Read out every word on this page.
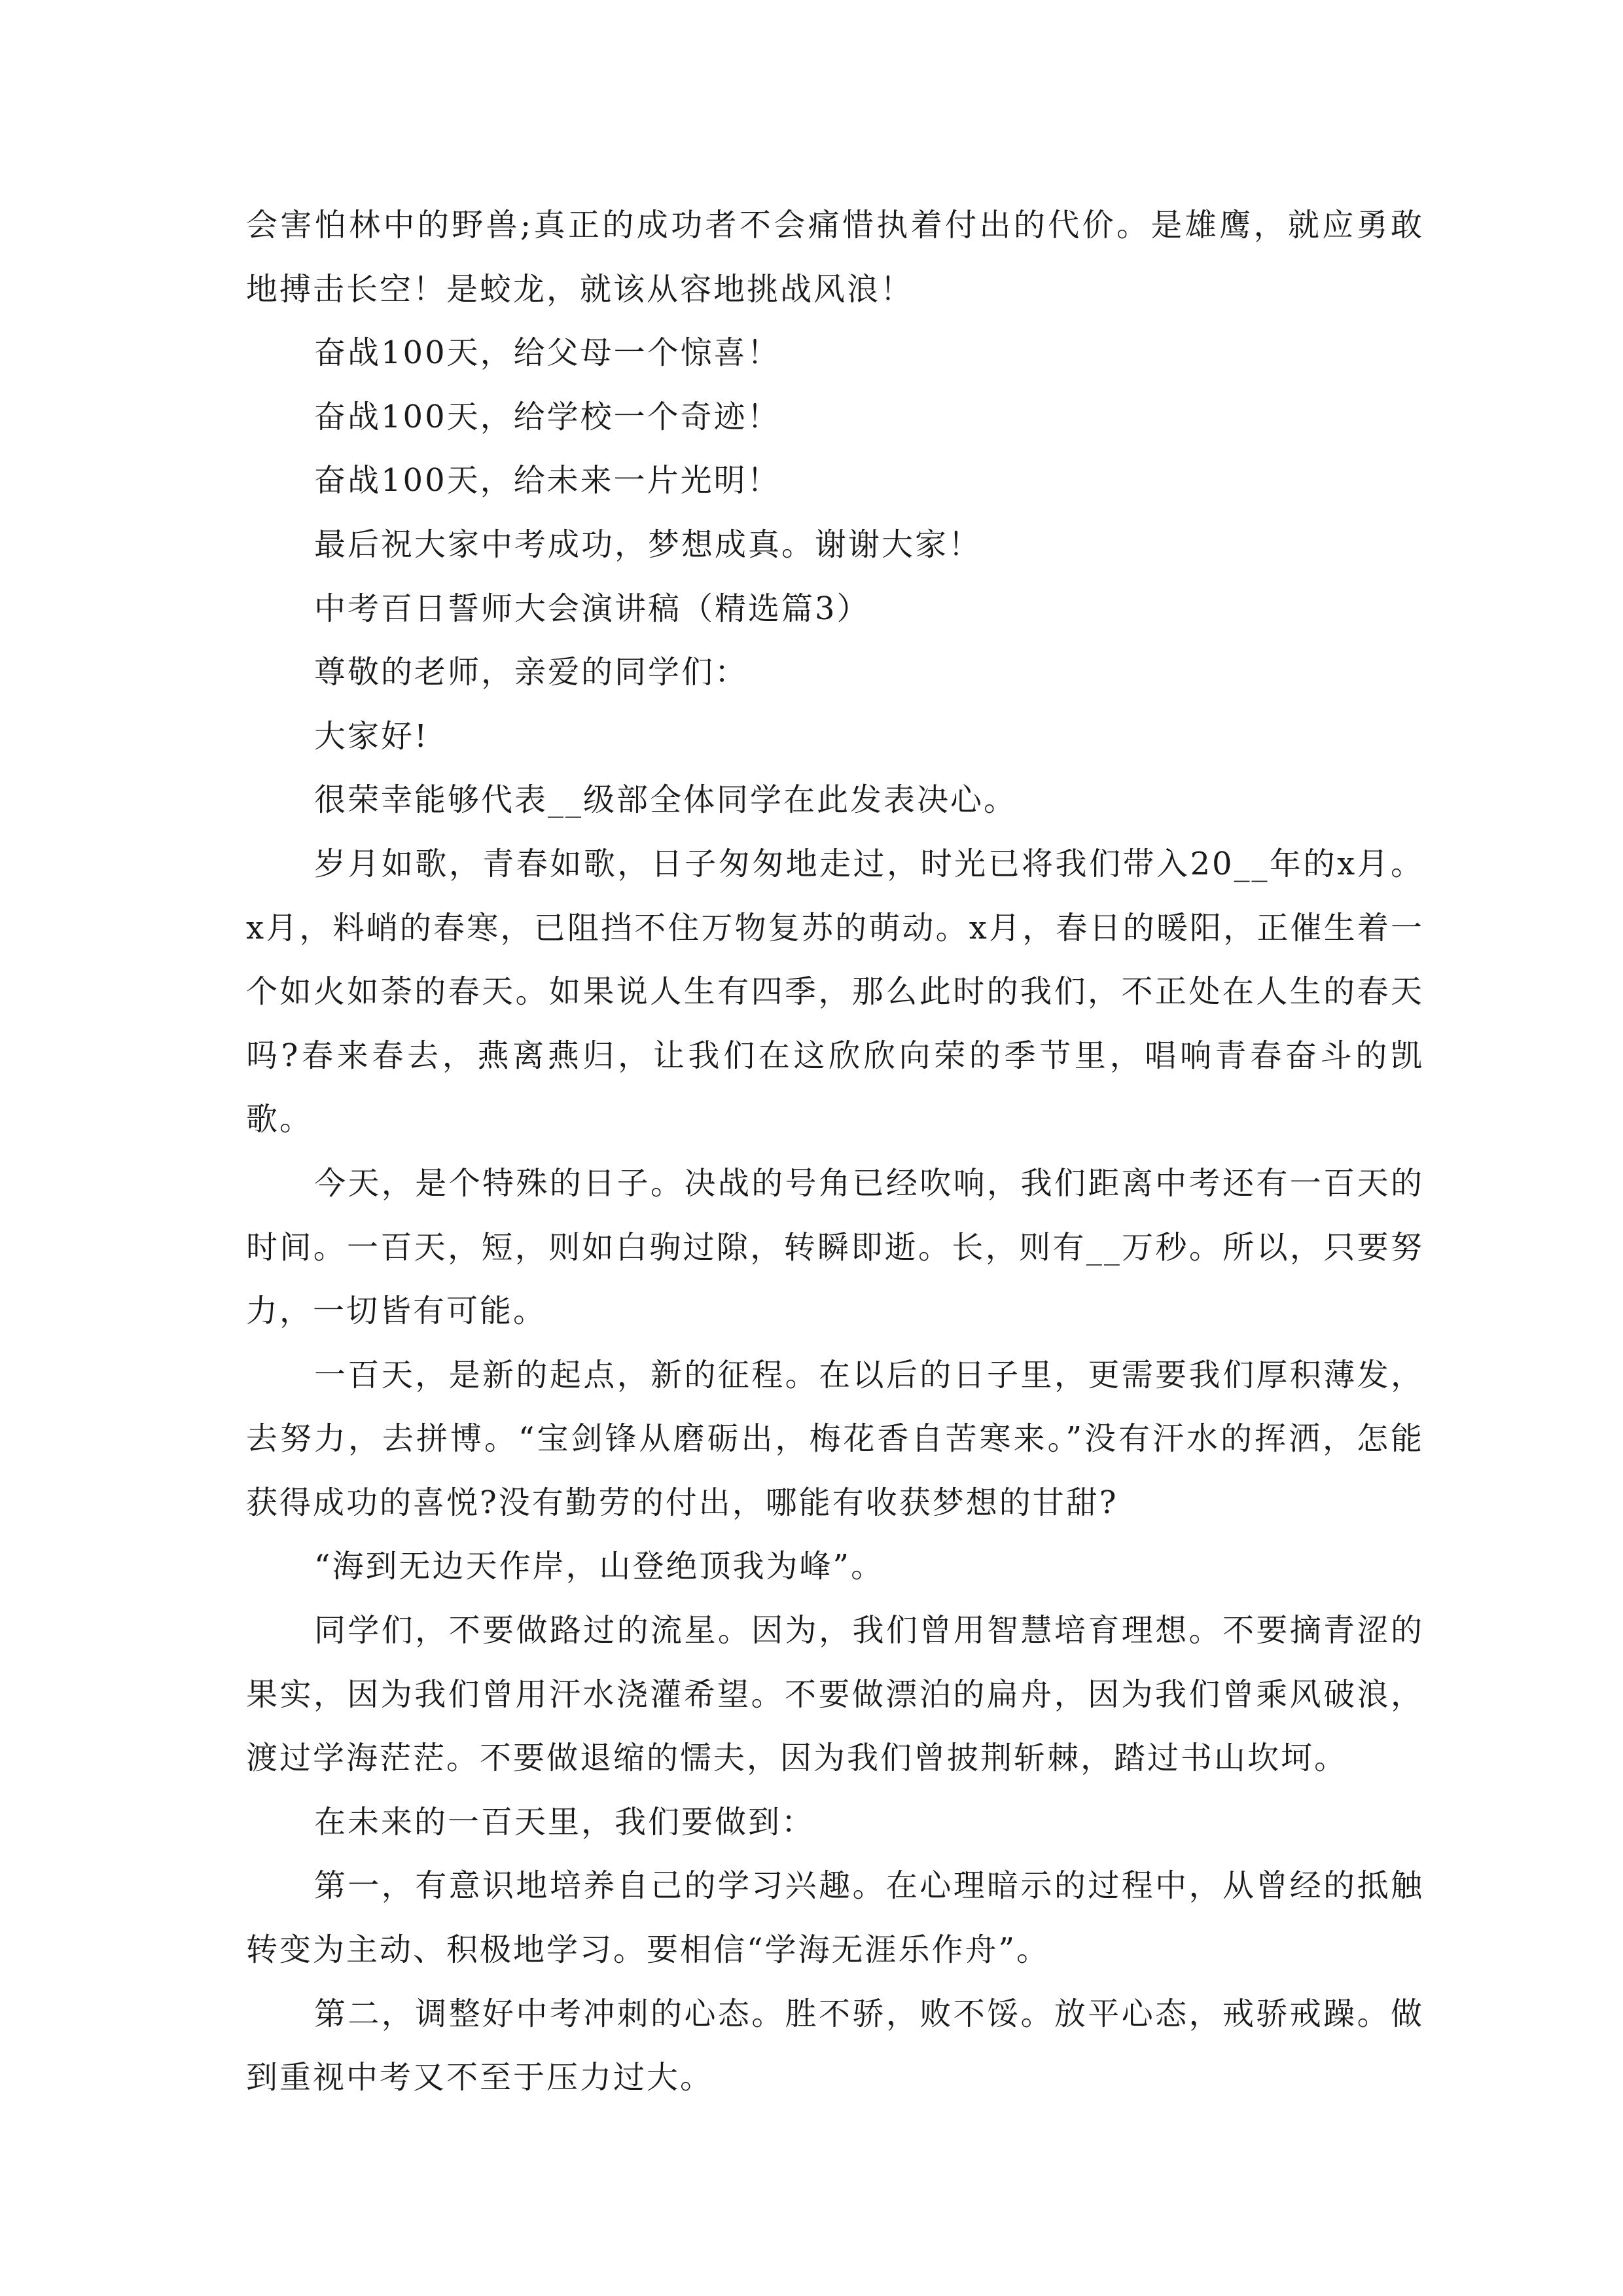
会害怕林中的野兽;真正的成功者不会痛惜执着付出的代价。是雄鹰，就应勇敢地搏击长空！是蛟龙，就该从容地挑战风浪！

奋战100天，给父母一个惊喜！

奋战100天，给学校一个奇迹！

奋战100天，给未来一片光明！

最后祝大家中考成功，梦想成真。谢谢大家！

中考百日誓师大会演讲稿（精选篇3）

尊敬的老师，亲爱的同学们：

大家好!

很荣幸能够代表__级部全体同学在此发表决心。

岁月如歌，青春如歌，日子匆匆地走过，时光已将我们带入20__年的x月。x月，料峭的春寒，已阻挡不住万物复苏的萌动。x月，春日的暖阳，正催生着一个如火如荼的春天。如果说人生有四季，那么此时的我们，不正处在人生的春天吗?春来春去，燕离燕归，让我们在这欣欣向荣的季节里，唱响青春奋斗的凯歌。

今天，是个特殊的日子。决战的号角已经吹响，我们距离中考还有一百天的时间。一百天，短，则如白驹过隙，转瞬即逝。长，则有__万秒。所以，只要努力，一切皆有可能。

一百天，是新的起点，新的征程。在以后的日子里，更需要我们厚积薄发，去努力，去拼博。“宝剑锋从磨砺出，梅花香自苦寒来。”没有汗水的挥洒，怎能获得成功的喜悦?没有勤劳的付出，哪能有收获梦想的甘甜?

“海到无边天作岸，山登绝顶我为峰”。

同学们，不要做路过的流星。因为，我们曾用智慧培育理想。不要摘青涩的果实，因为我们曾用汗水浇灌希望。不要做漂泊的扁舟，因为我们曾乘风破浪，渡过学海茫茫。不要做退缩的懦夫，因为我们曾披荆斩棘，踏过书山坎坷。

在未来的一百天里，我们要做到：

第一，有意识地培养自己的学习兴趣。在心理暗示的过程中，从曾经的抵触转变为主动、积极地学习。要相信“学海无涯乐作舟”。

第二，调整好中考冲刺的心态。胜不骄，败不馁。放平心态，戒骄戒躁。做到重视中考又不至于压力过大。
